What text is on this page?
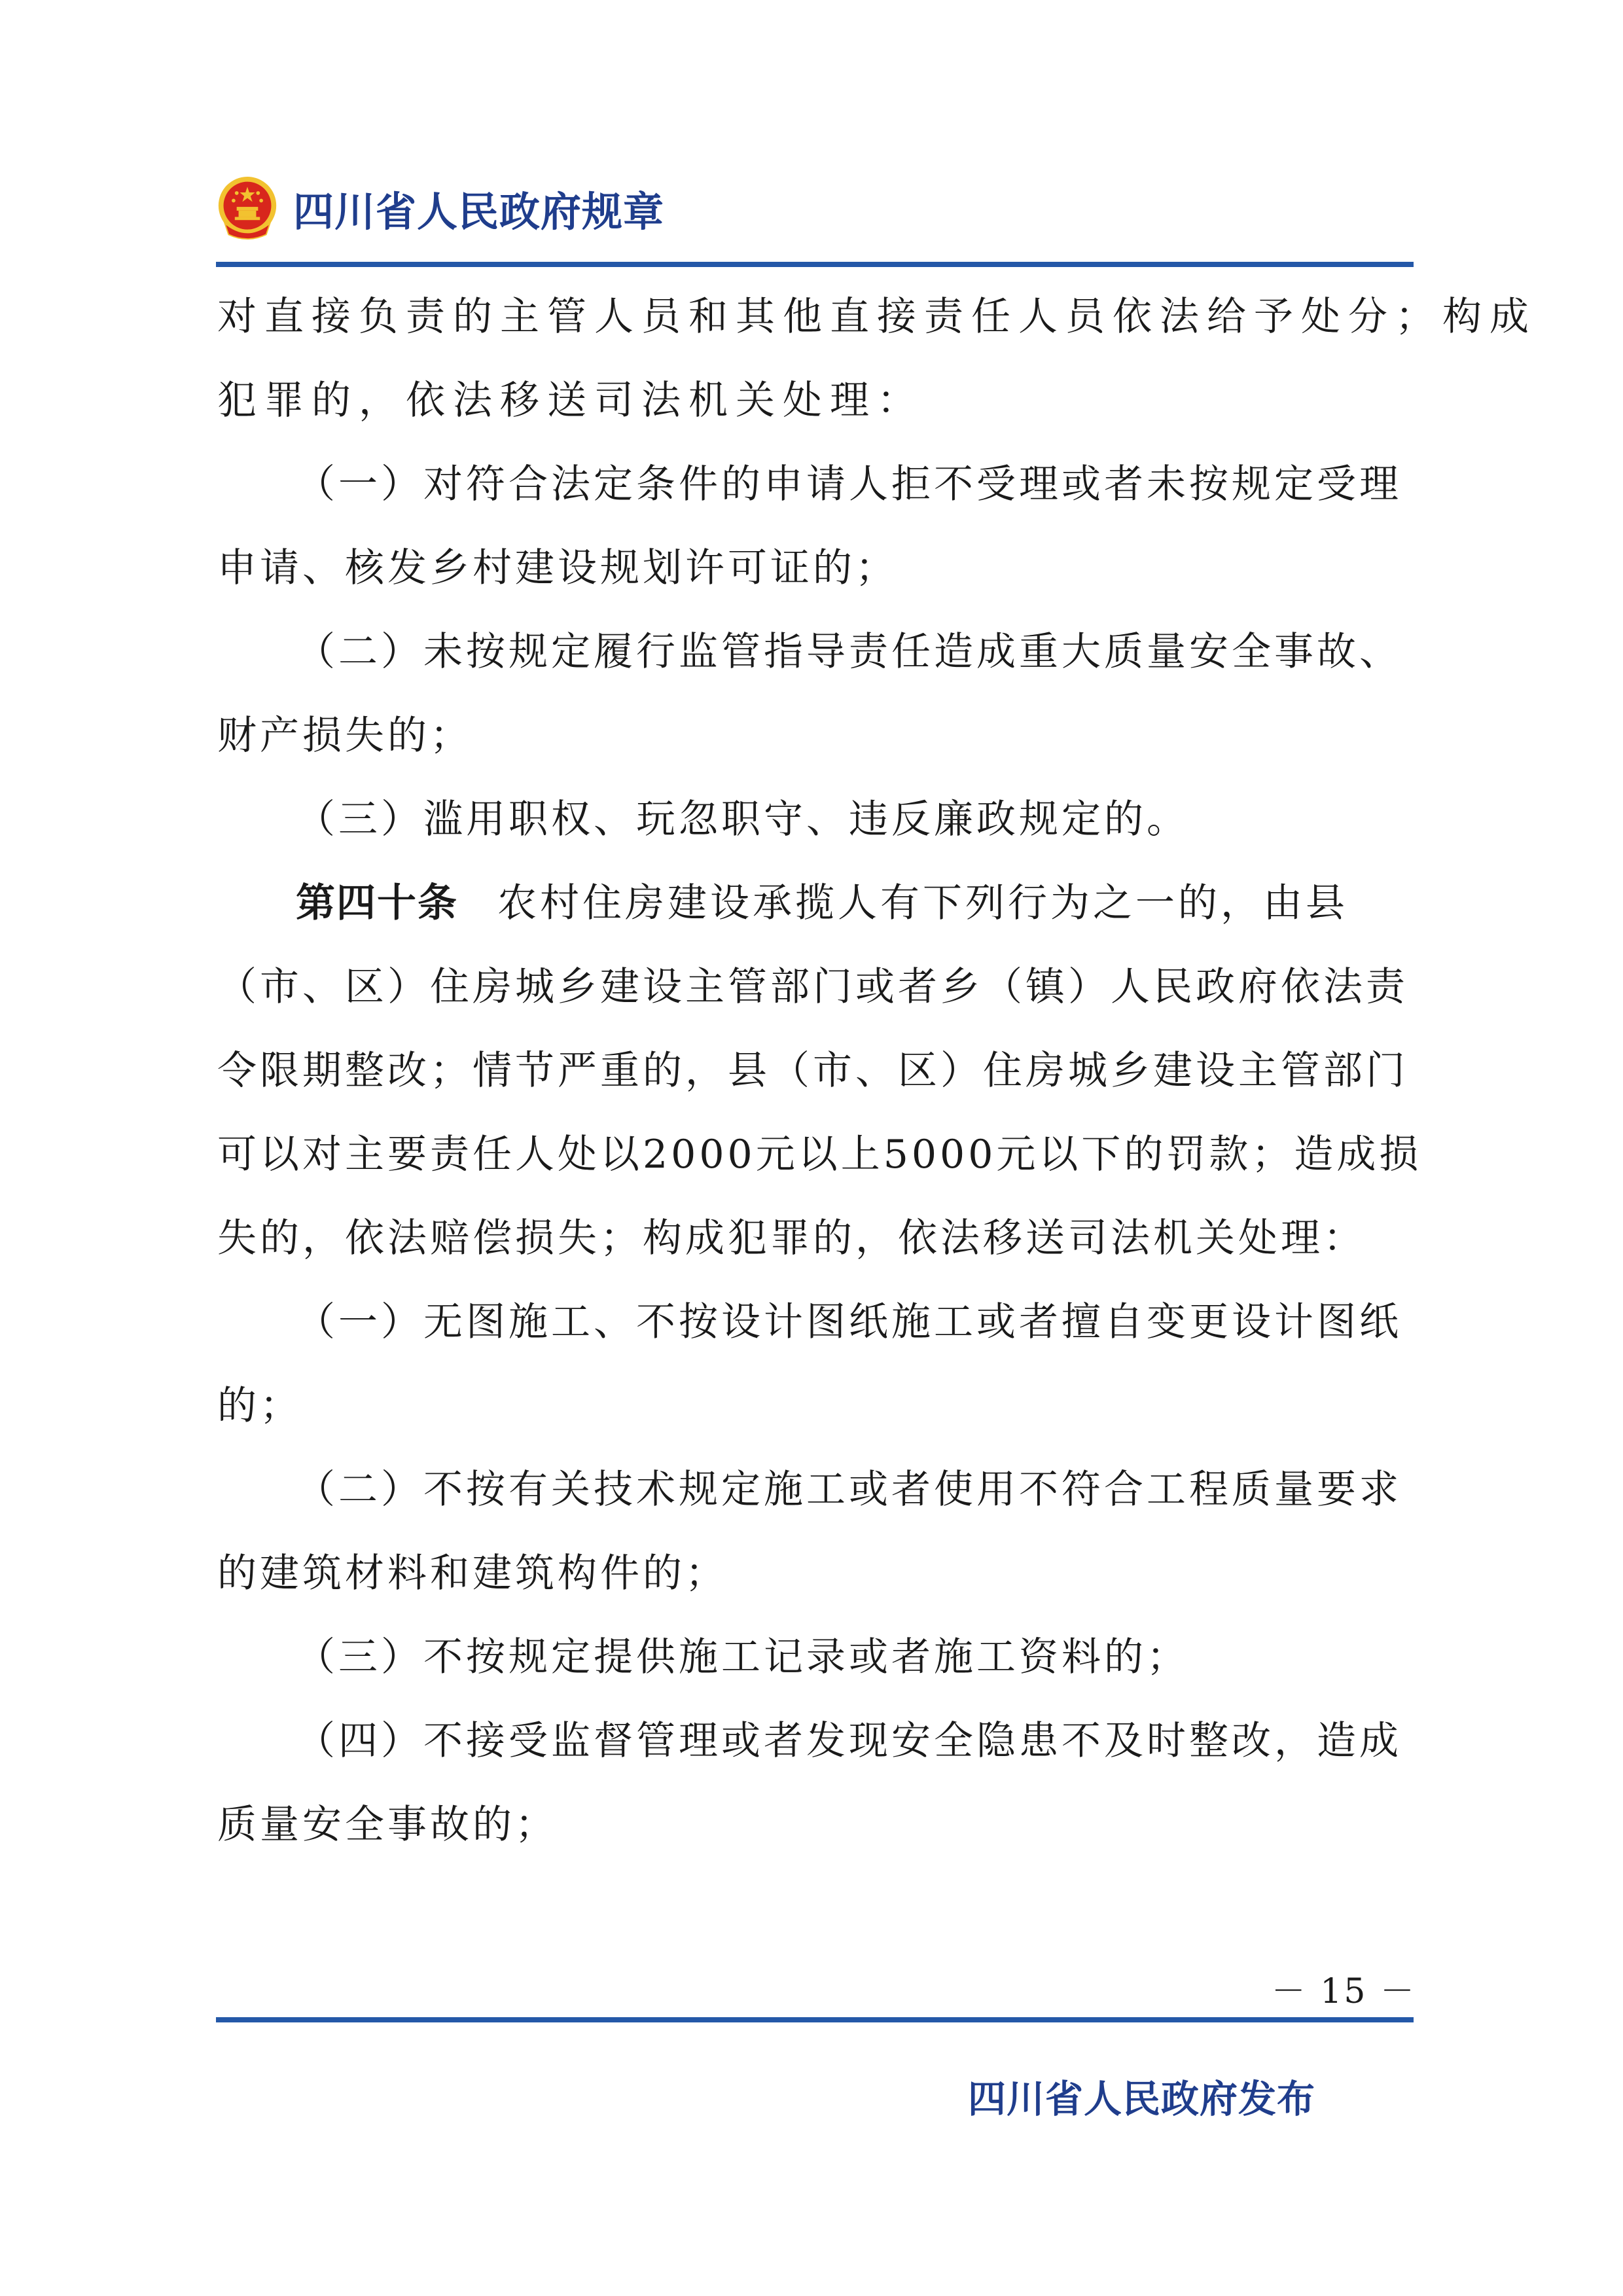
四川省人民政府规章
对直接负责的主管人员和其他直接责任人员依法给予处分；构成
犯罪的，依法移送司法机关处理：
（一）对符合法定条件的申请人拒不受理或者未按规定受理
申请、核发乡村建设规划许可证的；
（二）未按规定履行监管指导责任造成重大质量安全事故、
财产损失的；
（三）滥用职权、玩忽职守、违反廉政规定的。
第四十条 农村住房建设承揽人有下列行为之一的，由县
（市、区）住房城乡建设主管部门或者乡（镇）人民政府依法责
令限期整改；情节严重的，县（市、区）住房城乡建设主管部门
可以对主要责任人处以2000元以上5000元以下的罚款；造成损
失的，依法赔偿损失；构成犯罪的，依法移送司法机关处理：
（一）无图施工、不按设计图纸施工或者擅自变更设计图纸
的；
（二）不按有关技术规定施工或者使用不符合工程质量要求
的建筑材料和建筑构件的；
（三）不按规定提供施工记录或者施工资料的；
（四）不接受监督管理或者发现安全隐患不及时整改，造成
质量安全事故的；
－ 15 －
四川省人民政府发布
